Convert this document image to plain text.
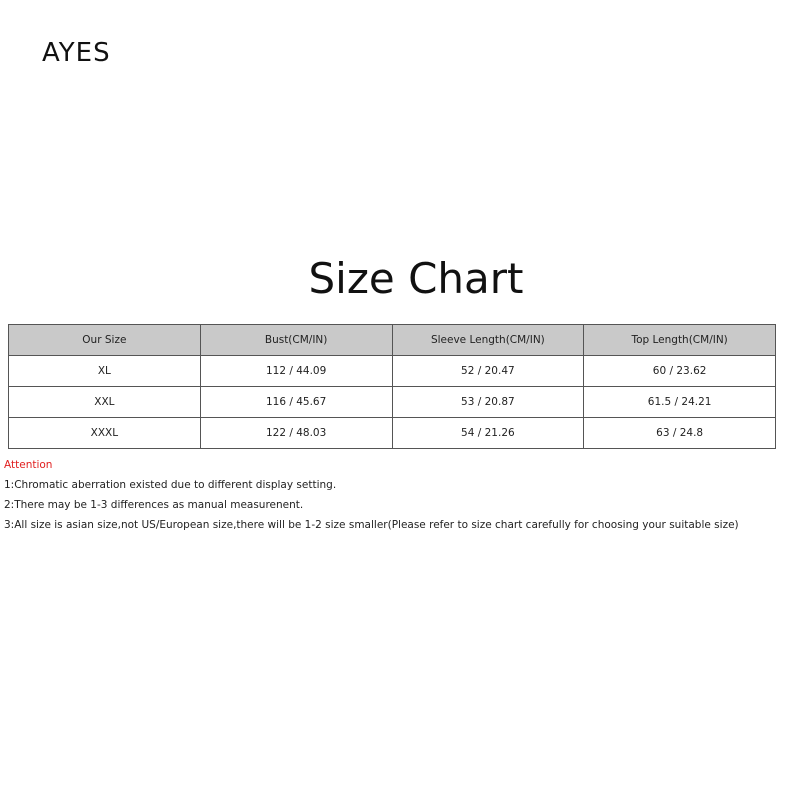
AYES
Size Chart
Our Size	Bust(CM/IN)	Sleeve Length(CM/IN)	Top Length(CM/IN)
XL	112 / 44.09	52 / 20.47	60 / 23.62
XXL	116 / 45.67	53 / 20.87	61.5 / 24.21
XXXL	122 / 48.03	54 / 21.26	63 / 24.8
Attention
1:Chromatic aberration existed due to different display setting.
2:There may be 1-3 differences as manual measurenent.
3:All size is asian size,not US/European size,there will be 1-2 size smaller(Please refer to size chart carefully for choosing your suitable size)
